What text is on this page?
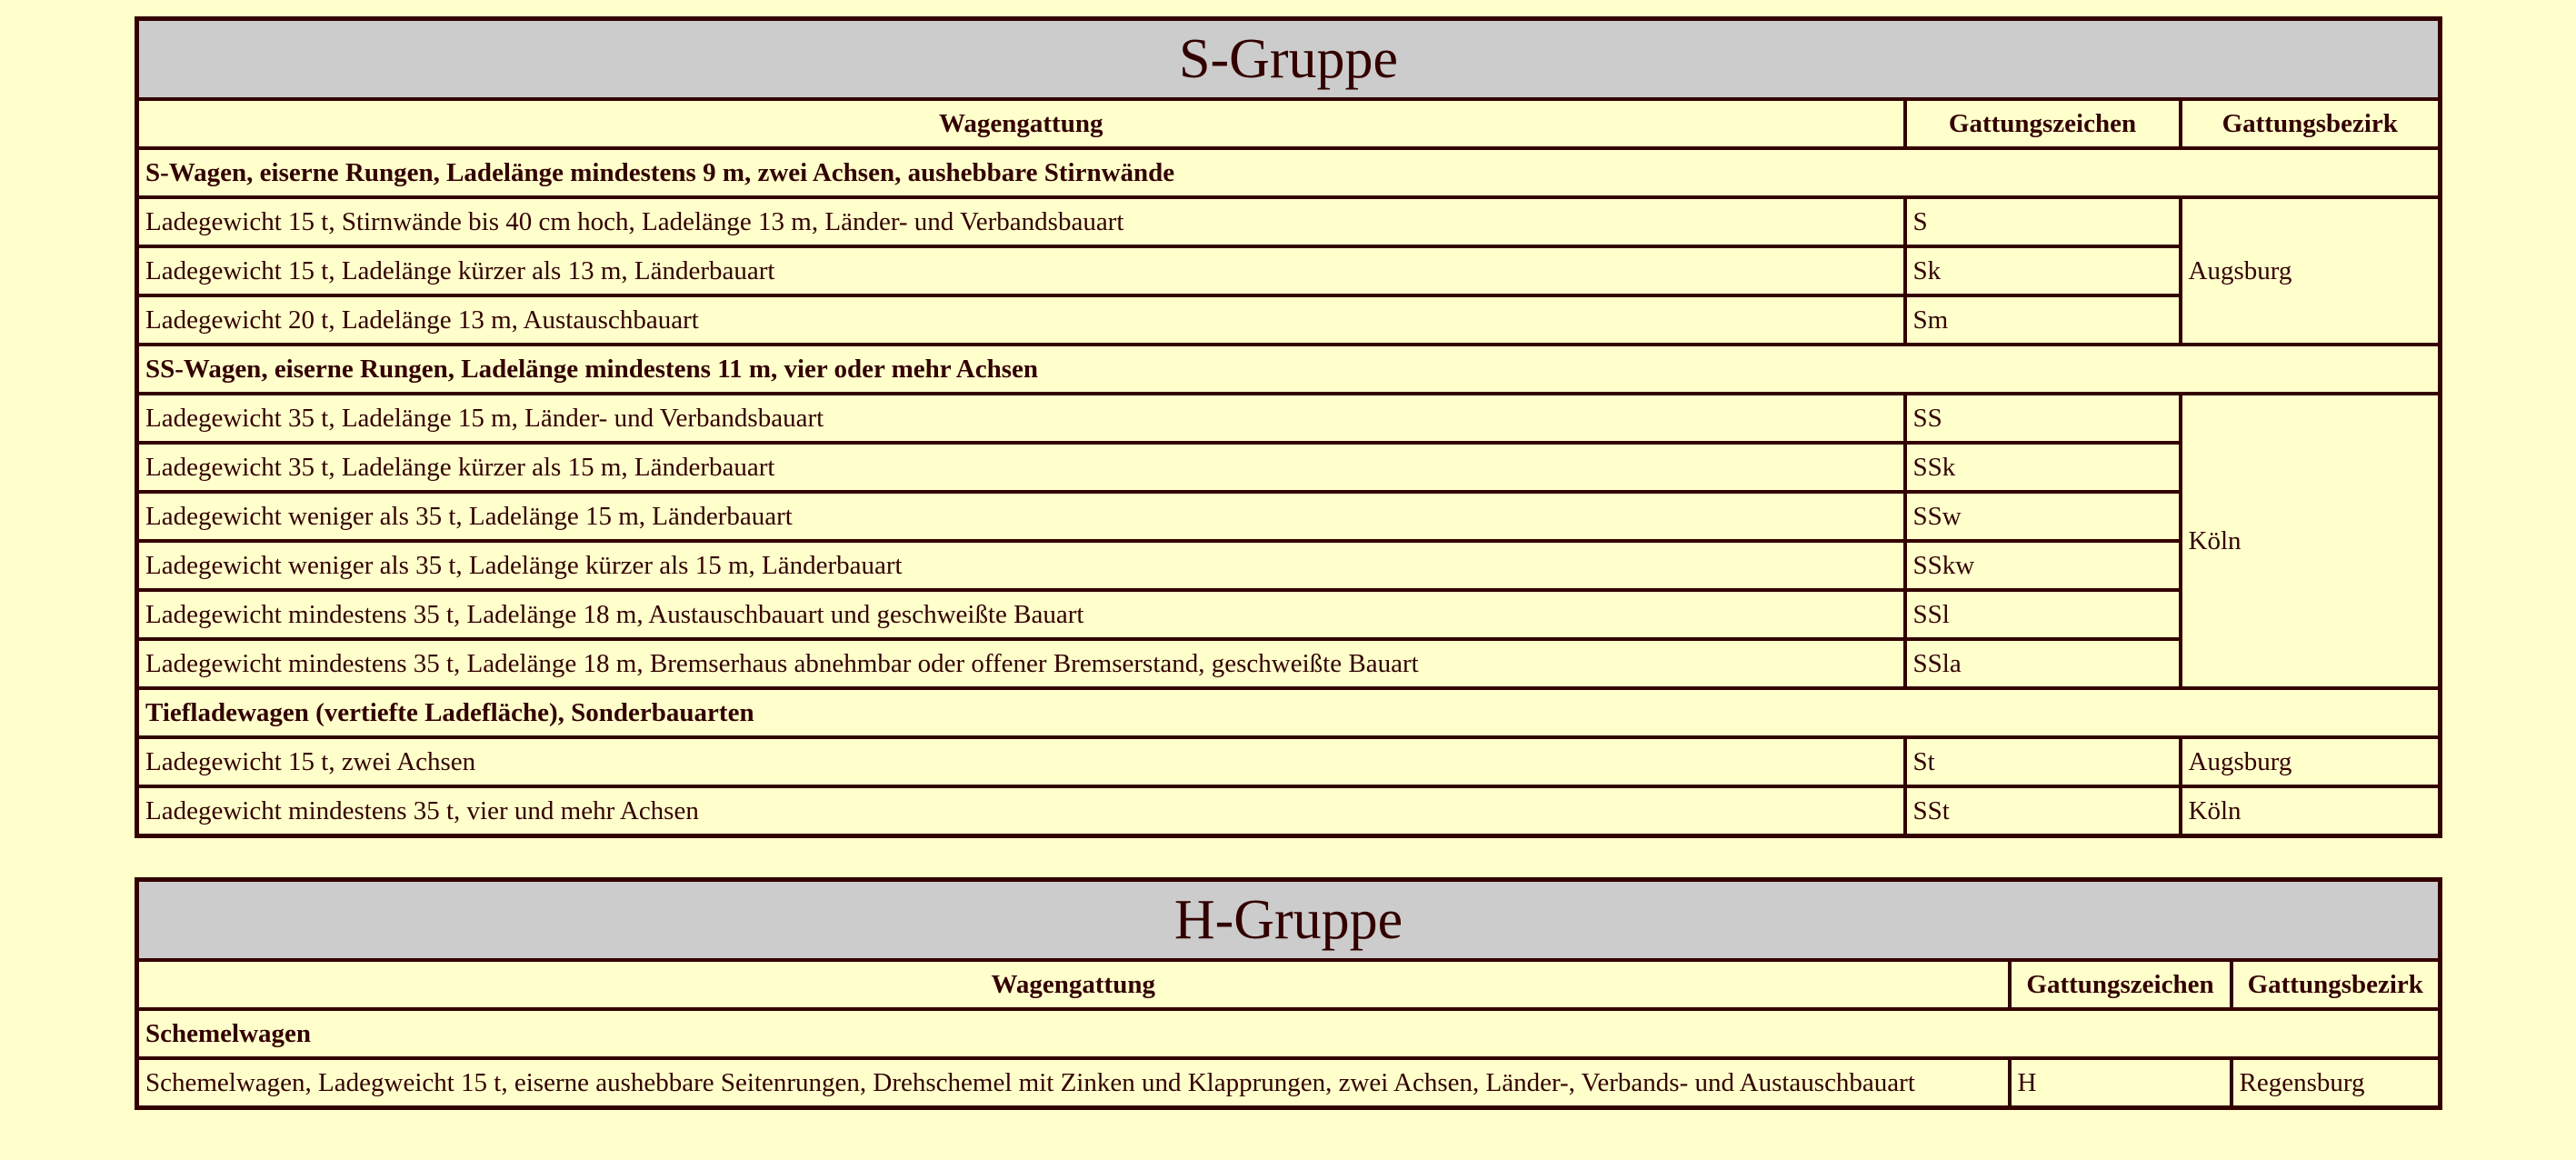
S-Gruppe		
Wagengattung	Gattungszeichen	Gattungsbezirk
S-Wagen, eiserne Rungen, Ladelänge mindestens 9 m, zwei Achsen, aushebbare Stirnwände		
Ladegewicht 15 t, Stirnwände bis 40 cm hoch, Ladelänge 13 m, Länder- und Verbandsbauart	S	Augsburg
Ladegewicht 15 t, Ladelänge kürzer als 13 m, Länderbauart	Sk	
Ladegewicht 20 t, Ladelänge 13 m, Austauschbauart	Sm	
SS-Wagen, eiserne Rungen, Ladelänge mindestens 11 m, vier oder mehr Achsen		
Ladegewicht 35 t, Ladelänge 15 m, Länder- und Verbandsbauart	SS	Köln
Ladegewicht 35 t, Ladelänge kürzer als 15 m, Länderbauart	SSk	
Ladegewicht weniger als 35 t, Ladelänge 15 m, Länderbauart	SSw	
Ladegewicht weniger als 35 t, Ladelänge kürzer als 15 m, Länderbauart	SSkw	
Ladegewicht mindestens 35 t, Ladelänge 18 m, Austauschbauart und geschweißte Bauart	SSl	
Ladegewicht mindestens 35 t, Ladelänge 18 m, Bremserhaus abnehmbar oder offener Bremserstand, geschweißte Bauart	SSla	
Tiefladewagen (vertiefte Ladefläche), Sonderbauarten		
Ladegewicht 15 t, zwei Achsen	St	Augsburg
Ladegewicht mindestens 35 t, vier und mehr Achsen	SSt	Köln
H-Gruppe		
Wagengattung	Gattungszeichen	Gattungsbezirk
Schemelwagen		
Schemelwagen, Ladegweicht 15 t, eiserne aushebbare Seitenrungen, Drehschemel mit Zinken und Klapprungen, zwei Achsen, Länder-, Verbands- und Austauschbauart	H	Regensburg
